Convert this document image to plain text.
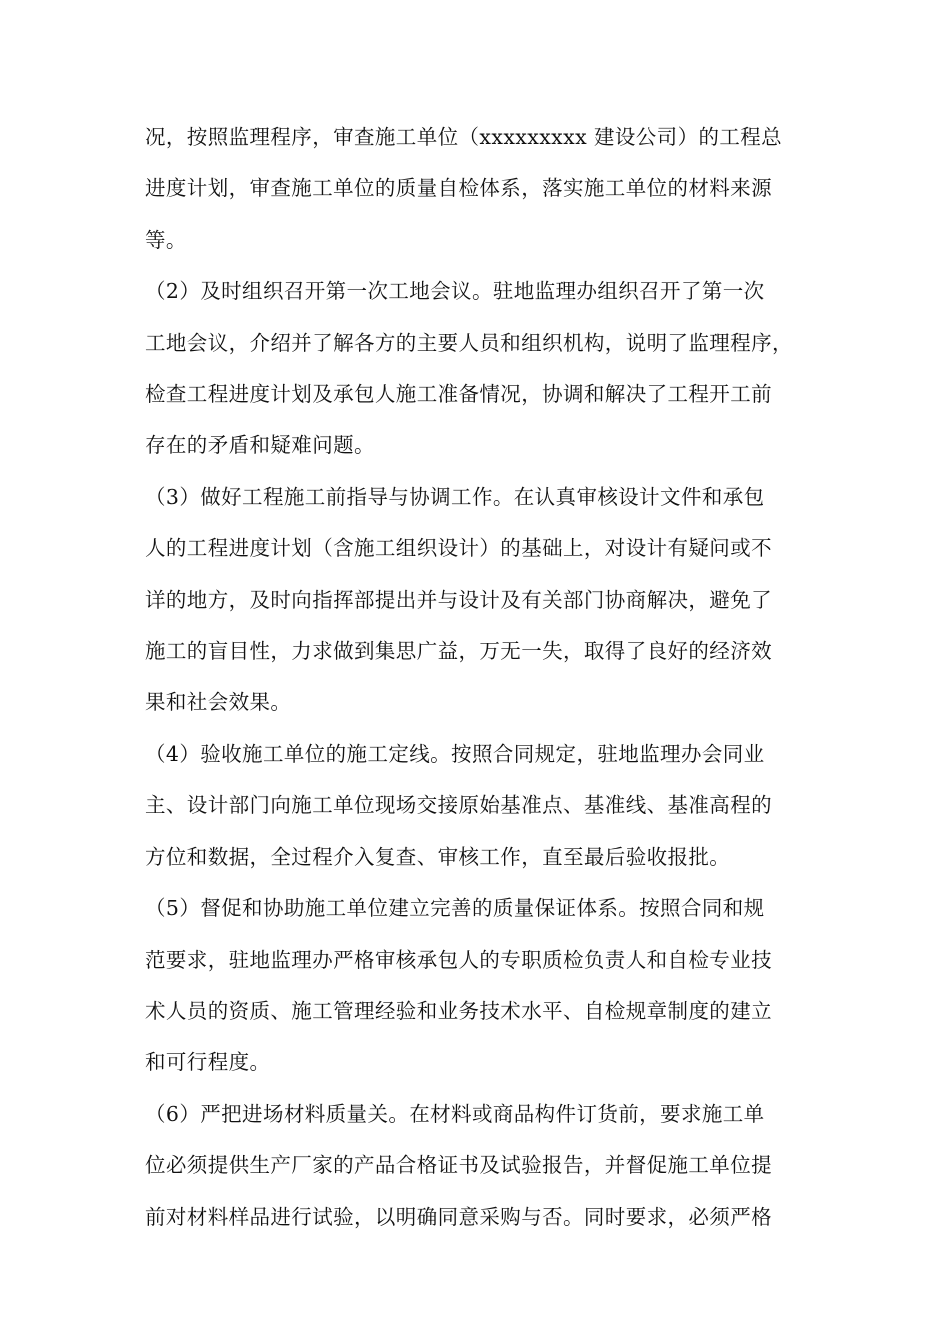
况，按照监理程序，审查施工单位（xxxxxxxxx 建设公司）的工程总
进度计划，审查施工单位的质量自检体系，落实施工单位的材料来源
等。

（2）及时组织召开第一次工地会议。驻地监理办组织召开了第一次
工地会议，介绍并了解各方的主要人员和组织机构，说明了监理程序，
检查工程进度计划及承包人施工准备情况，协调和解决了工程开工前
存在的矛盾和疑难问题。

（3）做好工程施工前指导与协调工作。在认真审核设计文件和承包
人的工程进度计划（含施工组织设计）的基础上，对设计有疑问或不
详的地方，及时向指挥部提出并与设计及有关部门协商解决，避免了
施工的盲目性，力求做到集思广益，万无一失，取得了良好的经济效
果和社会效果。

（4）验收施工单位的施工定线。按照合同规定，驻地监理办会同业
主、设计部门向施工单位现场交接原始基准点、基准线、基准高程的
方位和数据，全过程介入复查、审核工作，直至最后验收报批。

（5）督促和协助施工单位建立完善的质量保证体系。按照合同和规
范要求，驻地监理办严格审核承包人的专职质检负责人和自检专业技
术人员的资质、施工管理经验和业务技术水平、自检规章制度的建立
和可行程度。

（6）严把进场材料质量关。在材料或商品构件订货前，要求施工单
位必须提供生产厂家的产品合格证书及试验报告，并督促施工单位提
前对材料样品进行试验，以明确同意采购与否。同时要求，必须严格
